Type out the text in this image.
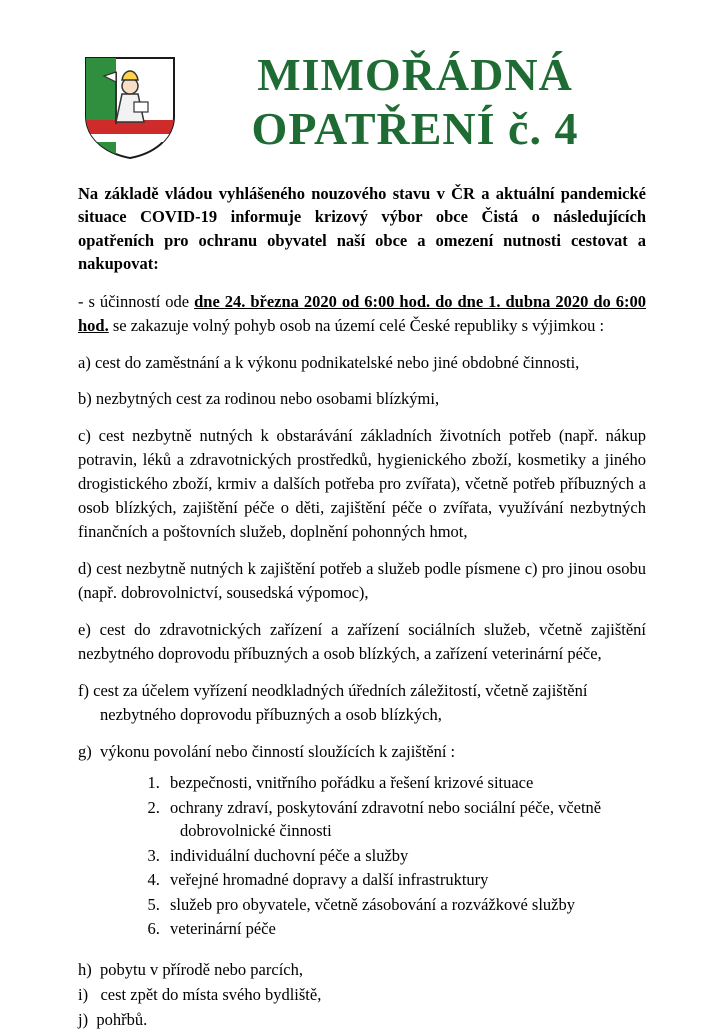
MIMOŘÁDNÁ
OPATŘENÍ č. 4
Na základě vládou vyhlášeného nouzového stavu v ČR a aktuální pandemické situace COVID-19 informuje krizový výbor obce Čistá o následujících opatřeních pro ochranu obyvatel naší obce a omezení nutnosti cestovat a nakupovat:
- s účinností ode dne 24. března 2020 od 6:00 hod. do dne 1. dubna 2020 do 6:00 hod. se zakazuje volný pohyb osob na území celé České republiky s výjimkou :
a) cest do zaměstnání a k výkonu podnikatelské nebo jiné obdobné činnosti,
b) nezbytných cest za rodinou nebo osobami blízkými,
c) cest nezbytně nutných k obstarávání základních životních potřeb (např. nákup potravin, léků a zdravotnických prostředků, hygienického zboží, kosmetiky a jiného drogistického zboží, krmiv a dalších potřeba pro zvířata), včetně potřeb příbuzných a osob blízkých, zajištění péče o děti, zajištění péče o zvířata, využívání nezbytných finančních a poštovních služeb, doplnění pohonných hmot,
d) cest nezbytně nutných k zajištění potřeb a služeb podle písmene c) pro jinou osobu (např. dobrovolnictví, sousedská výpomoc),
e) cest do zdravotnických zařízení a zařízení sociálních služeb, včetně zajištění nezbytného doprovodu příbuzných a osob blízkých, a zařízení veterinární péče,
f) cest za účelem vyřízení neodkladných úředních záležitostí, včetně zajištění
nezbytného doprovodu příbuzných a osob blízkých,
g) výkonu povolání nebo činností sloužících k zajištění :
1. bezpečnosti, vnitřního pořádku a řešení krizové situace
2. ochrany zdraví, poskytování zdravotní nebo sociální péče, včetně
dobrovolnické činnosti
3. individuální duchovní péče a služby
4. veřejné hromadné dopravy a další infrastruktury
5. služeb pro obyvatele, včetně zásobování a rozvážkové služby
6. veterinární péče
h) pobytu v přírodě nebo parcích,
i) cest zpět do místa svého bydliště,
j) pohřbů.
